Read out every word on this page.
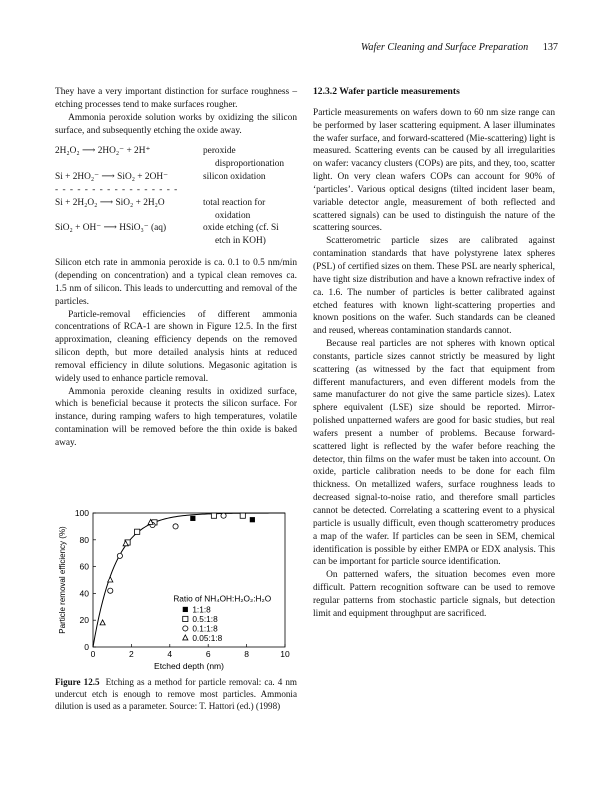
Wafer Cleaning and Surface Preparation 137

They have a very important distinction for surface roughness – etching processes tend to make surfaces rougher.

Ammonia peroxide solution works by oxidizing the silicon surface, and subsequently etching the oxide away.

2H₂O₂ ⟶ 2HO₂⁻ + 2H⁺	peroxide
disproportionation
Si + 2HO₂⁻ ⟶ SiO₂ + 2OH⁻	silicon oxidation
- - - - - - - - - - - - - - - - -
Si + 2H₂O₂ ⟶ SiO₂ + 2H₂O	total reaction for
oxidation
SiO₂ + OH⁻ ⟶ HSiO₃⁻ (aq)	oxide etching (cf. Si
etch in KOH)

Silicon etch rate in ammonia peroxide is ca. 0.1 to 0.5 nm/min (depending on concentration) and a typical clean removes ca. 1.5 nm of silicon. This leads to undercutting and removal of the particles.

Particle-removal efficiencies of different ammonia concentrations of RCA-1 are shown in Figure 12.5. In the first approximation, cleaning efficiency depends on the removed silicon depth, but more detailed analysis hints at reduced removal efficiency in dilute solutions. Megasonic agitation is widely used to enhance particle removal.

Ammonia peroxide cleaning results in oxidized surface, which is beneficial because it protects the silicon surface. For instance, during ramping wafers to high temperatures, volatile contamination will be removed before the thin oxide is baked away.

0	2	4	6	8	10
0
20
40
60
80
100
Etched depth (nm)
Particle removal efficiency (%)	Ratio of NH₄OH:H₂O₂:H₂O
1:1:8
0.5:1:8
0.1:1:8
0.05:1:8
Figure 12.5 Etching as a method for particle removal: ca. 4 nm undercut etch is enough to remove most particles. Ammonia dilution is used as a parameter. Source: T. Hattori (ed.) (1998)
12.3.2 Wafer particle measurements

Particle measurements on wafers down to 60 nm size range can be performed by laser scattering equipment. A laser illuminates the wafer surface, and forward-scattered (Mie-scattering) light is measured. Scattering events can be caused by all irregularities on wafer: vacancy clusters (COPs) are pits, and they, too, scatter light. On very clean wafers COPs can account for 90% of ‘particles’. Various optical designs (tilted incident laser beam, variable detector angle, measurement of both reflected and scattered signals) can be used to distinguish the nature of the scattering sources.

Scatterometric particle sizes are calibrated against contamination standards that have polystyrene latex spheres (PSL) of certified sizes on them. These PSL are nearly spherical, have tight size distribution and have a known refractive index of ca. 1.6. The number of particles is better calibrated against etched features with known light-scattering properties and known positions on the wafer. Such standards can be cleaned and reused, whereas contamination standards cannot.

Because real particles are not spheres with known optical constants, particle sizes cannot strictly be measured by light scattering (as witnessed by the fact that equipment from different manufacturers, and even different models from the same manufacturer do not give the same particle sizes). Latex sphere equivalent (LSE) size should be reported. Mirror-polished unpatterned wafers are good for basic studies, but real wafers present a number of problems. Because forward-scattered light is reflected by the wafer before reaching the detector, thin films on the wafer must be taken into account. On oxide, particle calibration needs to be done for each film thickness. On metallized wafers, surface roughness leads to decreased signal-to-noise ratio, and therefore small particles cannot be detected. Correlating a scattering event to a physical particle is usually difficult, even though scatterometry produces a map of the wafer. If particles can be seen in SEM, chemical identification is possible by either EMPA or EDX analysis. This can be important for particle source identification.

On patterned wafers, the situation becomes even more difficult. Pattern recognition software can be used to remove regular patterns from stochastic particle signals, but detection limit and equipment throughput are sacrificed.
